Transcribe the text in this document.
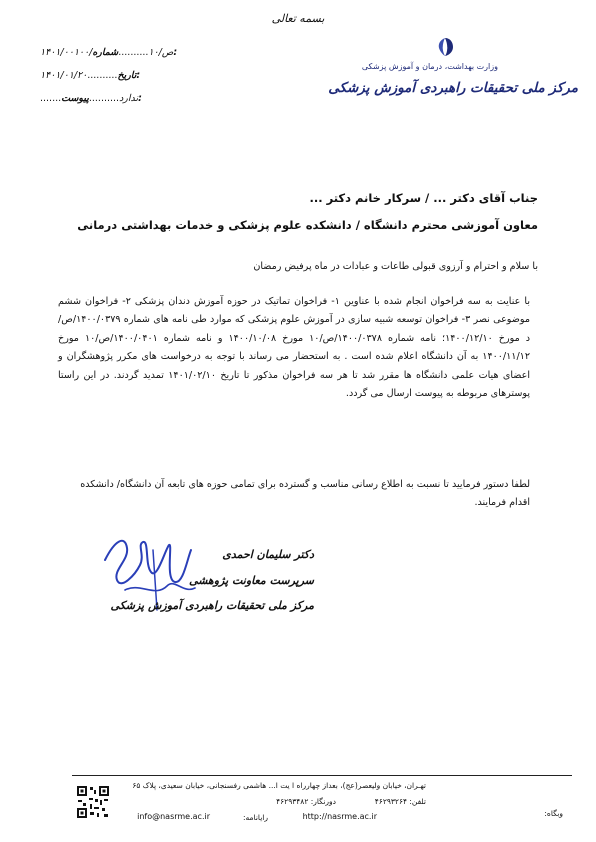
بسمه تعالی
وزارت بهداشت، درمان و آموزش پزشکی
مرکز ملی تحقیقات راهبردی آموزش پزشکی
۱۴۰۱/۰۰۱۰۰/ص/۱۰..........شماره:
۱۴۰۱/۰۱/۲۰..........تاریخ:
.......	ندارد..........پیوست:
جناب آقای دکتر ... / سرکار خانم دکتر ...
معاون آموزشی محترم دانشگاه / دانشکده علوم پزشکی و خدمات بهداشتی درمانی
با سلام و احترام و آرزوی قبولی طاعات و عبادات در ماه پرفیض رمضان
با عنایت به سه فراخوان انجام شده با عناوین ۱- فراخوان تماتیک در حوزه آموزش دندان پزشکی ۲- فراخوان ششم موضوعی نصر ۳- فراخوان توسعه شبیه سازی در آموزش علوم پزشکی که موارد طی نامه های شماره ۱۴۰۰/۰۳۷۹/ص/د مورخ ۱۴۰۰/۱۲/۱۰؛ نامه شماره ۱۴۰۰/۰۳۷۸/ص/۱۰ مورخ ۱۴۰۰/۱۰/۰۸ و نامه شماره ۱۴۰۰/۰۴۰۱/ص/۱۰ مورخ ۱۴۰۰/۱۱/۱۲ به آن دانشگاه اعلام شده است . به استحضار می رساند با توجه به درخواست های مکرر پژوهشگران و اعضای هیات علمی دانشگاه ها مقرر شد تا هر سه فراخوان مذکور تا تاریخ ۱۴۰۱/۰۲/۱۰ تمدید گردند. در این راستا پوسترهای مربوطه به پیوست ارسال می گردد.
لطفا دستور فرمایید تا نسبت به اطلاع رسانی مناسب و گسترده برای تمامی حوزه های تابعه آن دانشگاه/ دانشکده اقدام فرمایند.
دکتر سلیمان احمدی
سرپرست معاونت پژوهشی
مرکز ملی تحقیقات راهبردی آموزش پزشکی
تهـران، خیابان ولیعصر(عج)، بعداز چهارراه ا یت ا... هاشمی رفسنجانی، خیابان سعیدی، پلاک ۶۵
تلفن: ۴۶۲۹۳۲۶۴
دورنگار: ۴۶۲۹۳۴۸۲
رایانامه:
info@nasrme.ac.ir	وبگاه:
http://nasrme.ac.ir
